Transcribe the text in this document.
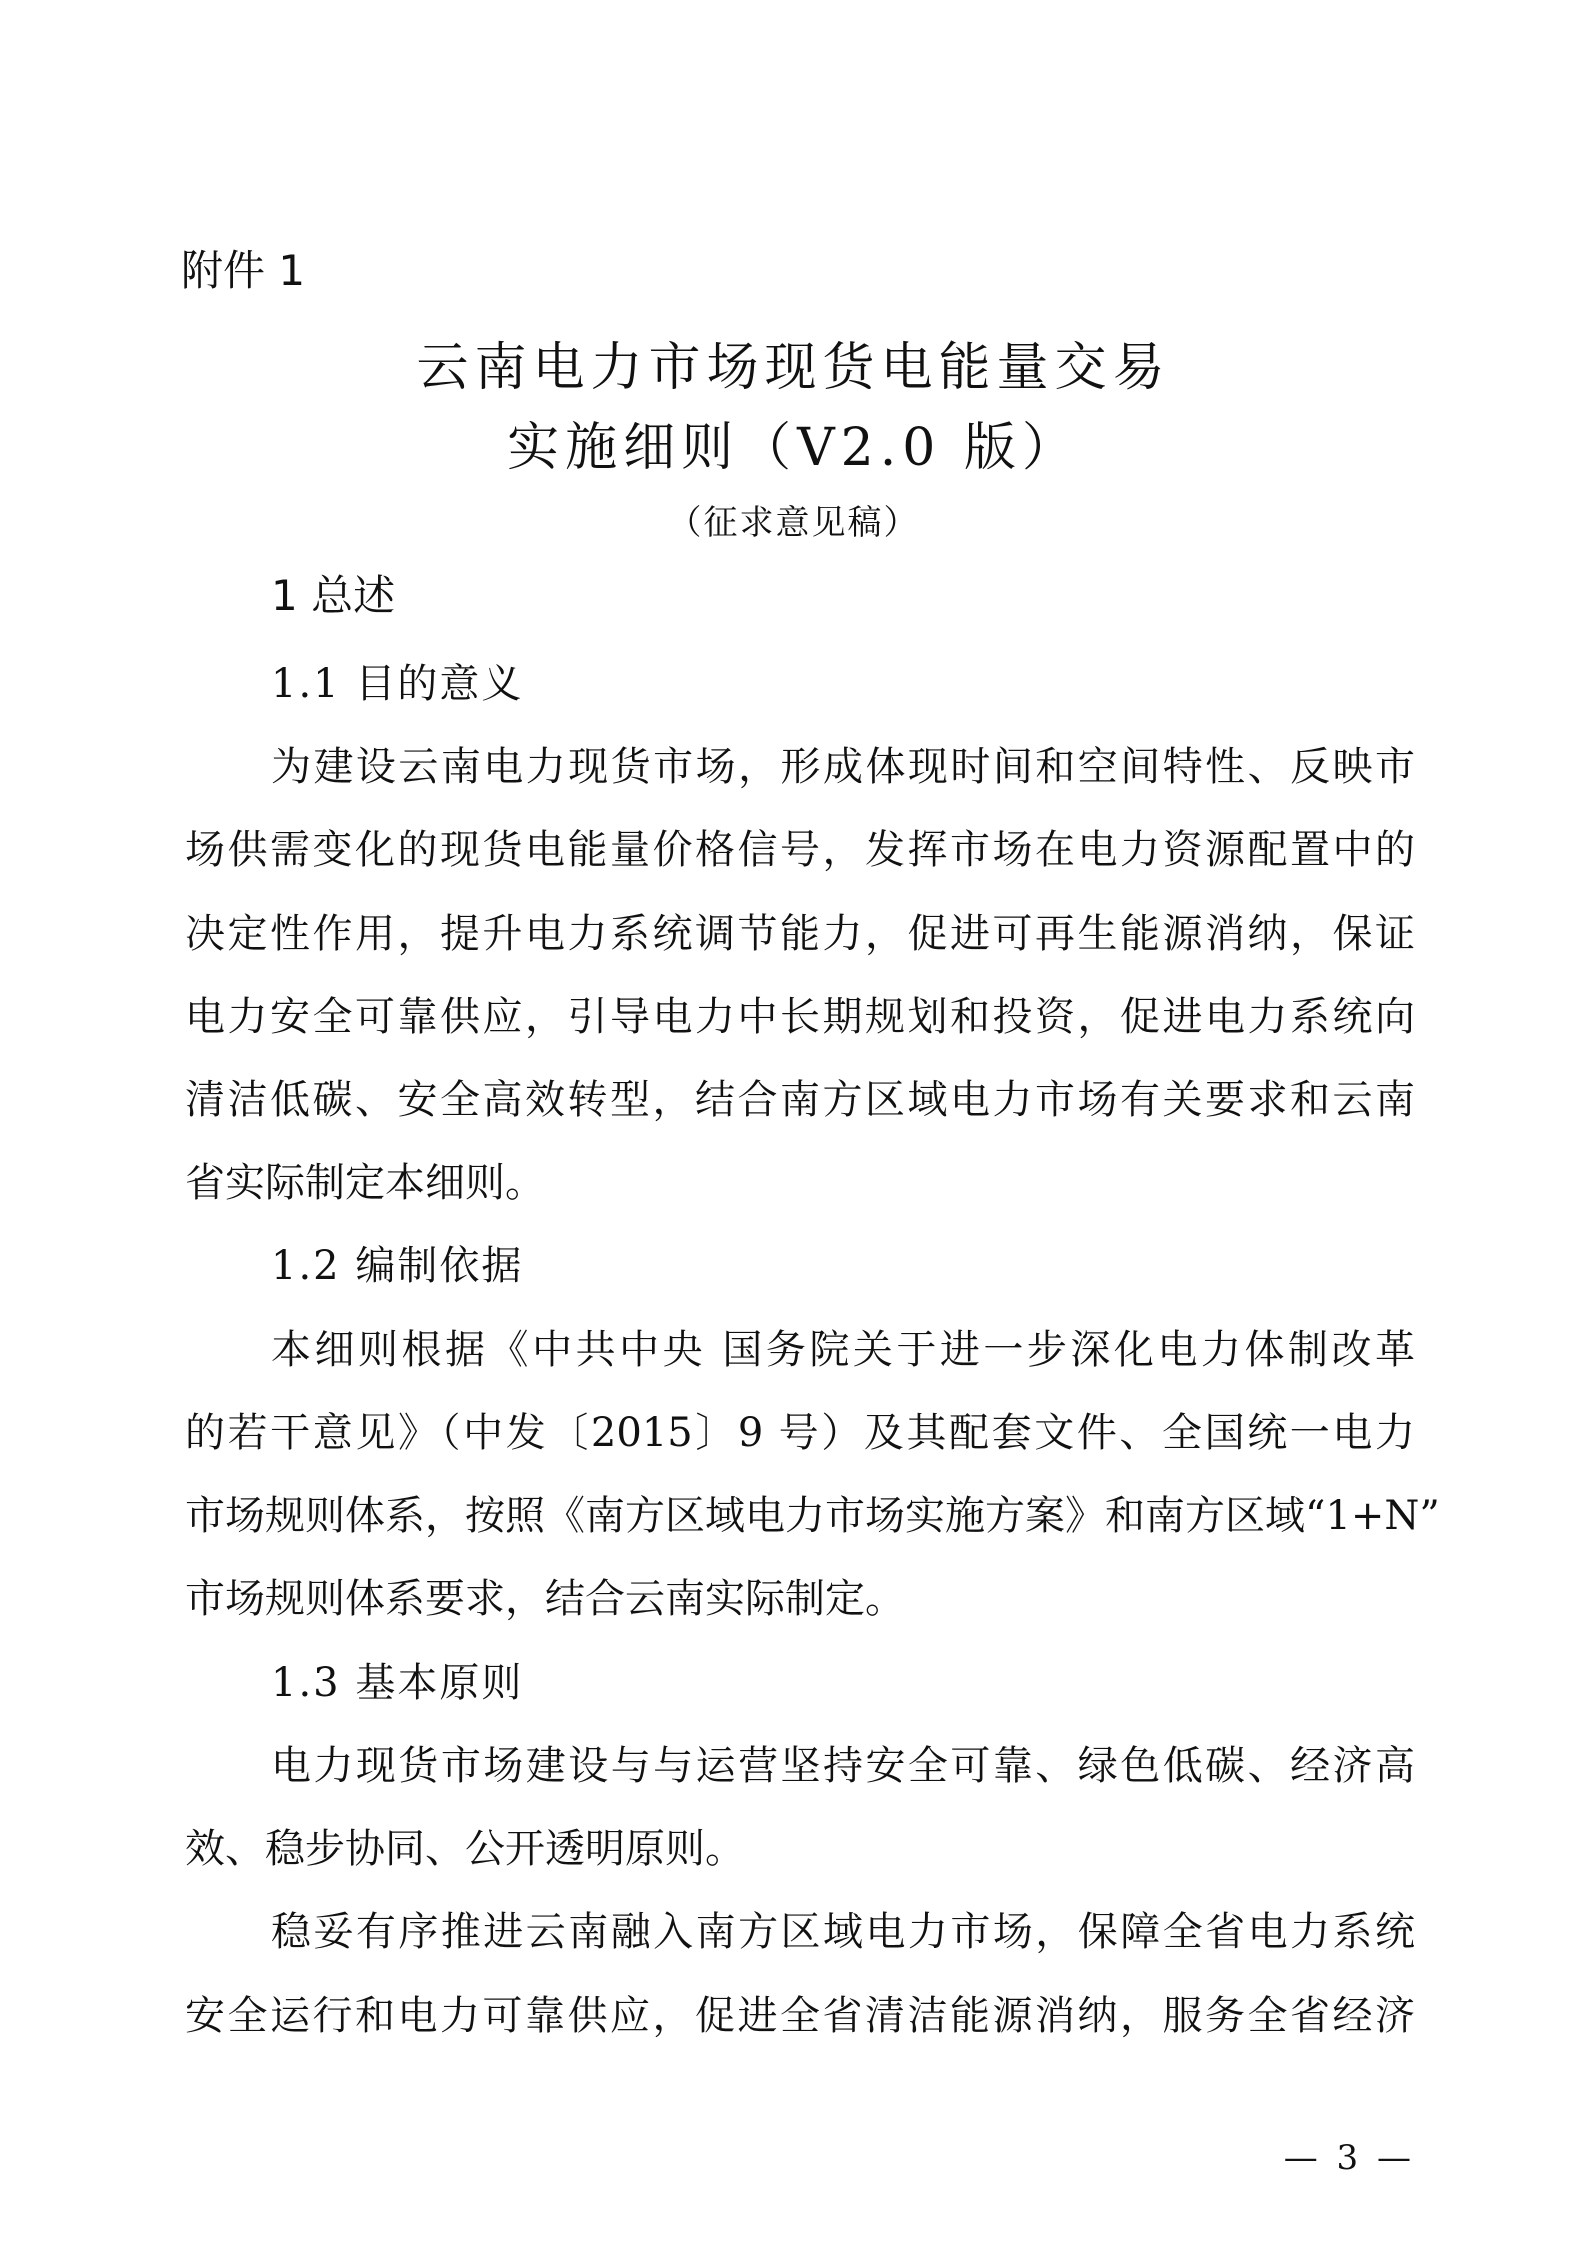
附件 1
云南电力市场现货电能量交易
实施细则（V2.0 版）
（征求意见稿）
1 总述
1.1 目的意义
为建设云南电力现货市场，形成体现时间和空间特性、反映市
场供需变化的现货电能量价格信号，发挥市场在电力资源配置中的
决定性作用，提升电力系统调节能力，促进可再生能源消纳，保证
电力安全可靠供应，引导电力中长期规划和投资，促进电力系统向
清洁低碳、安全高效转型，结合南方区域电力市场有关要求和云南
省实际制定本细则。
1.2 编制依据
本细则根据《中共中央 国务院关于进一步深化电力体制改革
的若干意见》（中发〔2015〕9 号）及其配套文件、全国统一电力
市场规则体系，按照《南方区域电力市场实施方案》和南方区域“1+N”
市场规则体系要求，结合云南实际制定。
1.3 基本原则
电力现货市场建设与与运营坚持安全可靠、绿色低碳、经济高
效、稳步协同、公开透明原则。
稳妥有序推进云南融入南方区域电力市场，保障全省电力系统
安全运行和电力可靠供应，促进全省清洁能源消纳，服务全省经济
— 3 —
